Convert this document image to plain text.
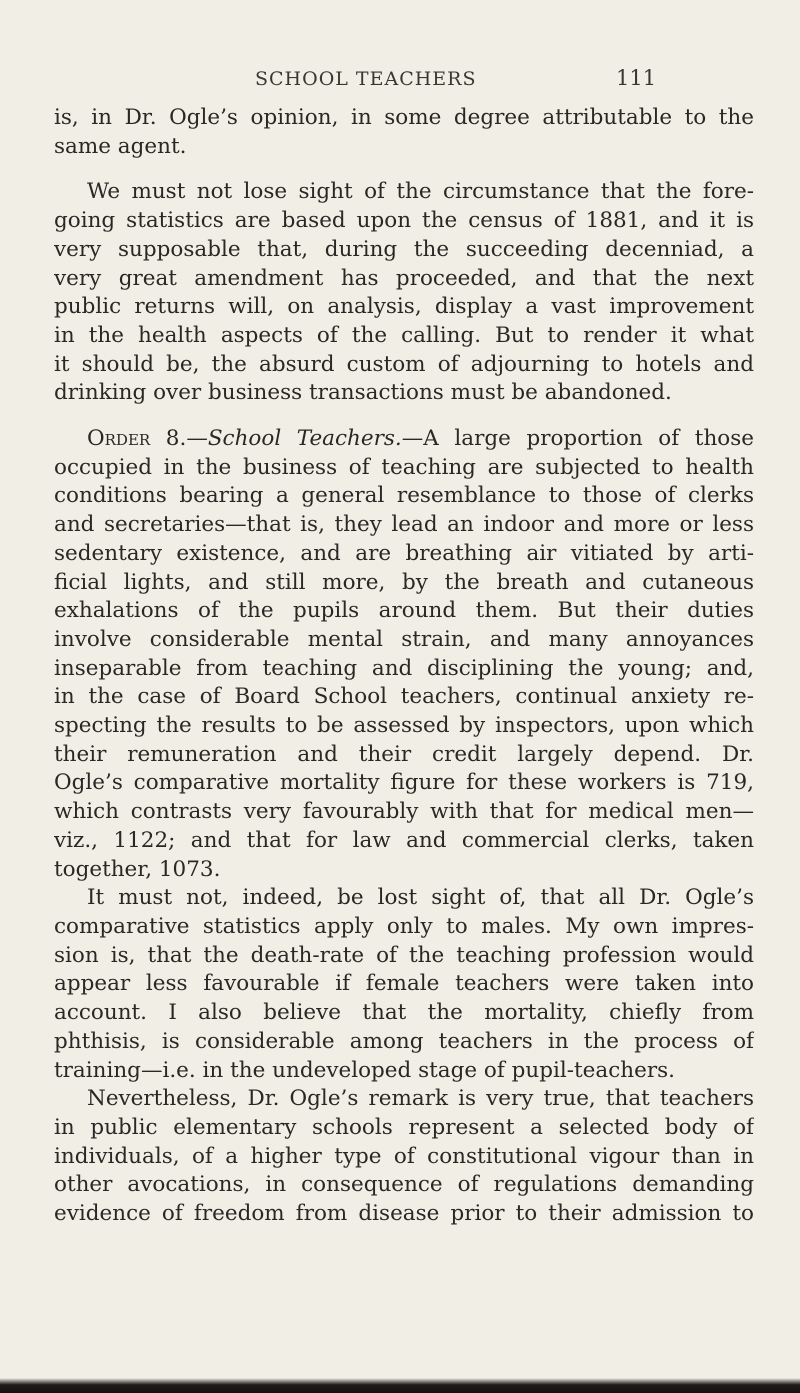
SCHOOL TEACHERS	111
is, in Dr. Ogle’s opinion, in some degree attributable to the
same agent.
We must not lose sight of the circumstance that the fore-
going statistics are based upon the census of 1881, and it is
very supposable that, during the succeeding decenniad, a
very great amendment has proceeded, and that the next
public returns will, on analysis, display a vast improvement
in the health aspects of the calling. But to render it what
it should be, the absurd custom of adjourning to hotels and
drinking over business transactions must be abandoned.
Order 8.—School Teachers.—A large proportion of those
occupied in the business of teaching are subjected to health
conditions bearing a general resemblance to those of clerks
and secretaries—that is, they lead an indoor and more or less
sedentary existence, and are breathing air vitiated by arti-
ficial lights, and still more, by the breath and cutaneous
exhalations of the pupils around them. But their duties
involve considerable mental strain, and many annoyances
inseparable from teaching and disciplining the young; and,
in the case of Board School teachers, continual anxiety re-
specting the results to be assessed by inspectors, upon which
their remuneration and their credit largely depend. Dr.
Ogle’s comparative mortality figure for these workers is 719,
which contrasts very favourably with that for medical men—
viz., 1122; and that for law and commercial clerks, taken
together, 1073.
It must not, indeed, be lost sight of, that all Dr. Ogle’s
comparative statistics apply only to males. My own impres-
sion is, that the death-rate of the teaching profession would
appear less favourable if female teachers were taken into
account. I also believe that the mortality, chiefly from
phthisis, is considerable among teachers in the process of
training—i.e. in the undeveloped stage of pupil-teachers.
Nevertheless, Dr. Ogle’s remark is very true, that teachers
in public elementary schools represent a selected body of
individuals, of a higher type of constitutional vigour than in
other avocations, in consequence of regulations demanding
evidence of freedom from disease prior to their admission to
